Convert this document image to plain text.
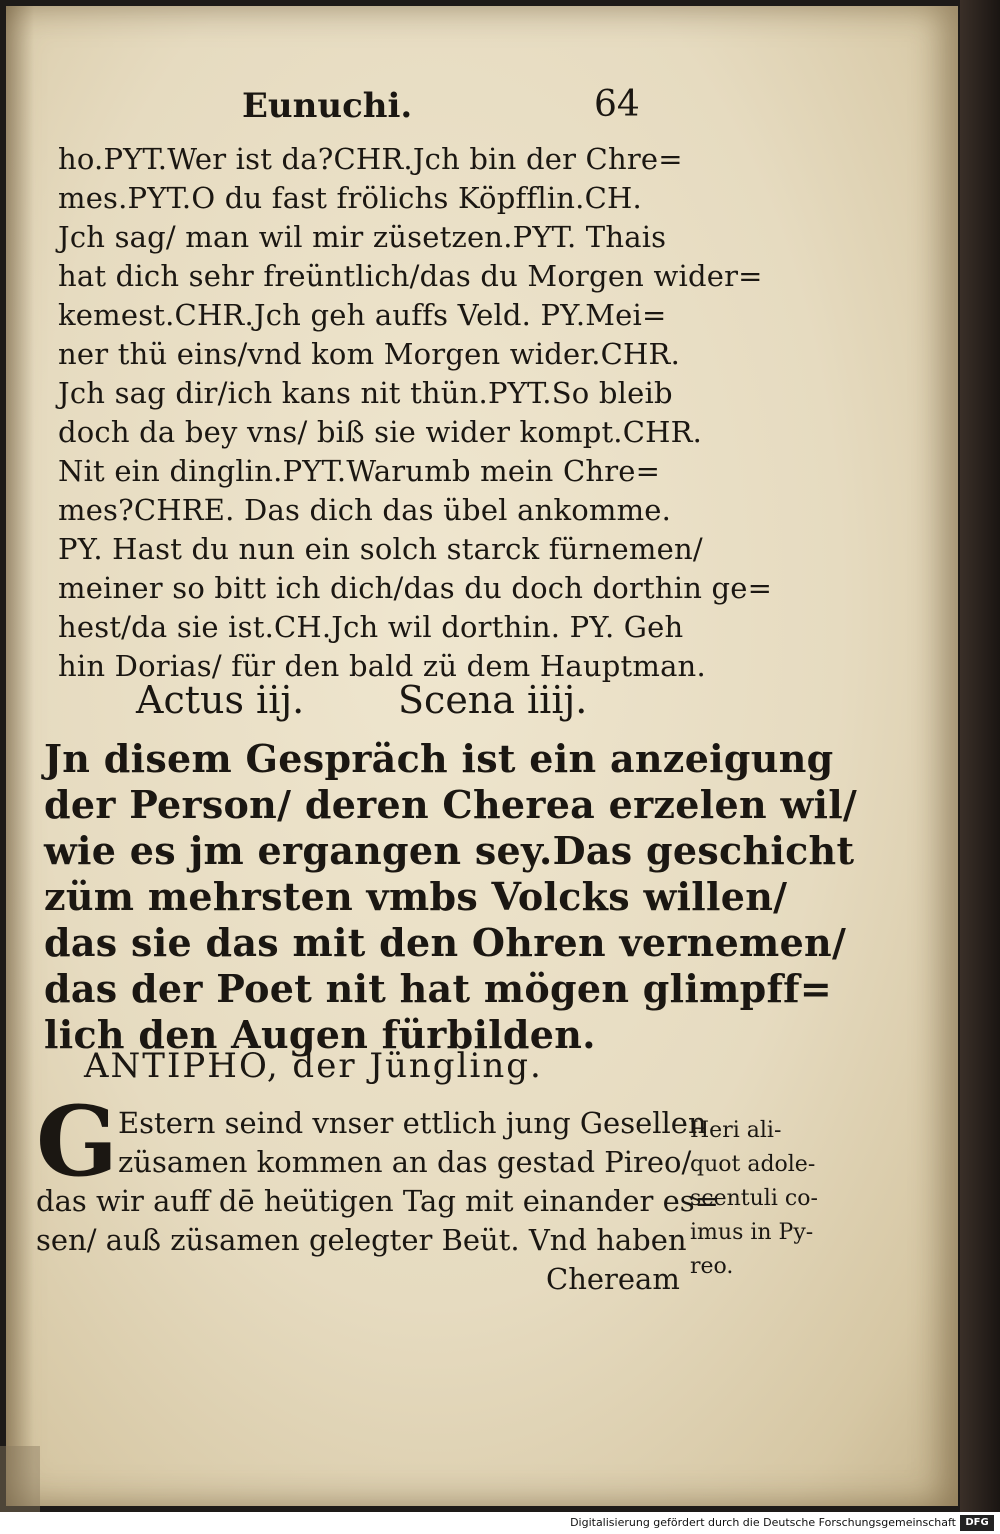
Eunuchi.	64
ho.PYT.Wer ist da?CHR.Jch bin der Chre=
mes.PYT.O du fast frölichs Köpfflin.CH.
Jch sag/ man wil mir züsetzen.PYT. Thais
hat dich sehr freüntlich/das du Morgen wider=
kemest.CHR.Jch geh auffs Veld. PY.Mei=
ner thü eins/vnd kom Morgen wider.CHR.
Jch sag dir/ich kans nit thün.PYT.So bleib
doch da bey vns/ biß sie wider kompt.CHR.
Nit ein dinglin.PYT.Warumb mein Chre=
mes?CHRE. Das dich das übel ankomme.
PY. Hast du nun ein solch starck fürnemen/
meiner so bitt ich dich/das du doch dorthin ge=
hest/da sie ist.CH.Jch wil dorthin. PY. Geh
hin Dorias/ für den bald zü dem Hauptman.
Actus iij. Scena iiij.
Jn disem Gespräch ist ein anzeigung
der Person/ deren Cherea erzelen wil/
wie es jm ergangen sey.Das geschicht
züm mehrsten vmbs Volcks willen/
das sie das mit den Ohren vernemen/
das der Poet nit hat mögen glimpff=
lich den Augen fürbilden.
ANTIPHO, der Jüngling.
G Estern seind vnser ettlich jung Gesellen
züsamen kommen an das gestad Pireo/
das wir auff dē heütigen Tag mit einander es=
sen/ auß züsamen gelegter Beüt. Vnd haben
Cheream
Heri ali-
quot adole-
scentuli co-
imus in Py-
reo.
Digitalisierung gefördert durch die Deutsche Forschungsgemeinschaft DFG
